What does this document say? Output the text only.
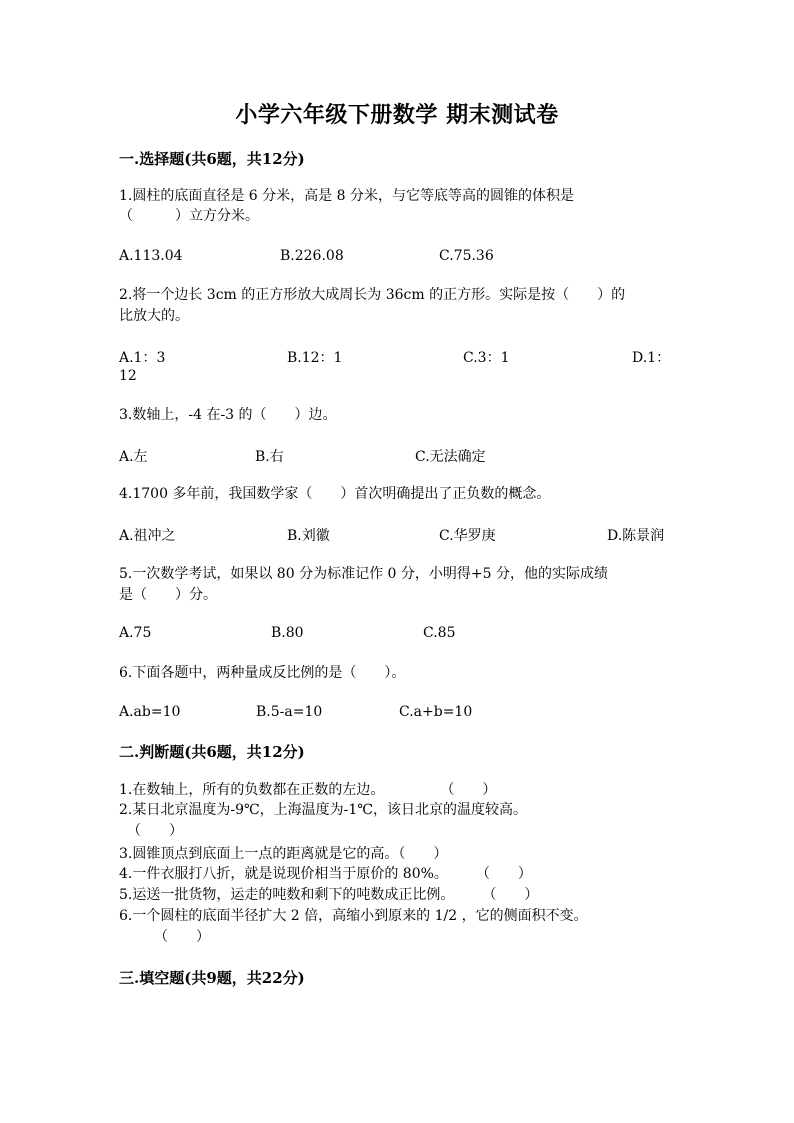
小学六年级下册数学 期末测试卷
一.选择题(共6题，共12分)
1.圆柱的底面直径是 6 分米，高是 8 分米，与它等底等高的圆锥的体积是
（　　　）立方分米。
A.113.04	B.226.08	C.75.36
2.将一个边长 3cm 的正方形放大成周长为 36cm 的正方形。实际是按（　　）的
比放大的。
A.1：3	B.12：1	C.3：1	D.1：
12
3.数轴上，-4 在-3 的（　　）边。
A.左	B.右	C.无法确定
4.1700 多年前，我国数学家（　　）首次明确提出了正负数的概念。
A.祖冲之	B.刘徽	C.华罗庚	D.陈景润
5.一次数学考试，如果以 80 分为标准记作 0 分，小明得+5 分，他的实际成绩
是（　　）分。
A.75	B.80	C.85
6.下面各题中，两种量成反比例的是（　　）。
A.ab=10	B.5-a=10	C.a+b=10
二.判断题(共6题，共12分)
1.在数轴上，所有的负数都在正数的左边。　　　　　（　　）
2.某日北京温度为-9℃，上海温度为-1℃，该日北京的温度较高。
（　　）
3.圆锥顶点到底面上一点的距离就是它的高。（　　）
4.一件衣服打八折，就是说现价相当于原价的 80%。　　　（　　）
5.运送一批货物，运走的吨数和剩下的吨数成正比例。　　　（　　）
6.一个圆柱的底面半径扩大 2 倍，高缩小到原来的 1/2 ，它的侧面积不变。
　　　（　　）
三.填空题(共9题，共22分)
